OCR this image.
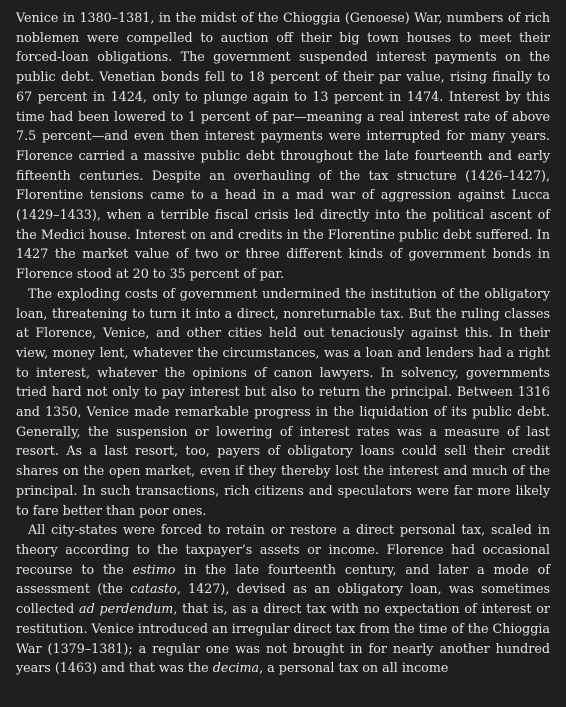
Venice in 1380–1381, in the midst of the Chioggia (Genoese) War, numbers of rich noblemen were compelled to auction off their big town houses to meet their forced-loan obligations. The government suspended interest payments on the public debt. Venetian bonds fell to 18 percent of their par value, rising finally to 67 percent in 1424, only to plunge again to 13 percent in 1474. Interest by this time had been lowered to 1 percent of par—meaning a real interest rate of above 7.5 percent—and even then interest payments were interrupted for many years. Florence carried a massive public debt throughout the late fourteenth and early fifteenth centuries. Despite an overhauling of the tax structure (1426–1427), Florentine tensions came to a head in a mad war of aggression against Lucca (1429–1433), when a terrible fiscal crisis led directly into the political ascent of the Medici house. Interest on and credits in the Florentine public debt suffered. In 1427 the market value of two or three different kinds of government bonds in Florence stood at 20 to 35 percent of par.

The exploding costs of government undermined the institution of the obligatory loan, threatening to turn it into a direct, nonreturnable tax. But the ruling classes at Florence, Venice, and other cities held out tenaciously against this. In their view, money lent, whatever the circumstances, was a loan and lenders had a right to interest, whatever the opinions of canon lawyers. In solvency, governments tried hard not only to pay interest but also to return the principal. Between 1316 and 1350, Venice made remarkable progress in the liquidation of its public debt. Generally, the suspension or lowering of interest rates was a measure of last resort. As a last resort, too, payers of obligatory loans could sell their credit shares on the open market, even if they thereby lost the interest and much of the principal. In such transactions, rich citizens and speculators were far more likely to fare better than poor ones.

All city-states were forced to retain or restore a direct personal tax, scaled in theory according to the taxpayer’s assets or income. Florence had occasional recourse to the estimo in the late fourteenth century, and later a mode of assessment (the catasto, 1427), devised as an obligatory loan, was sometimes collected ad perdendum, that is, as a direct tax with no expectation of interest or restitution. Venice introduced an irregular direct tax from the time of the Chioggia War (1379–1381); a regular one was not brought in for nearly another hundred years (1463) and that was the decima, a personal tax on all income
